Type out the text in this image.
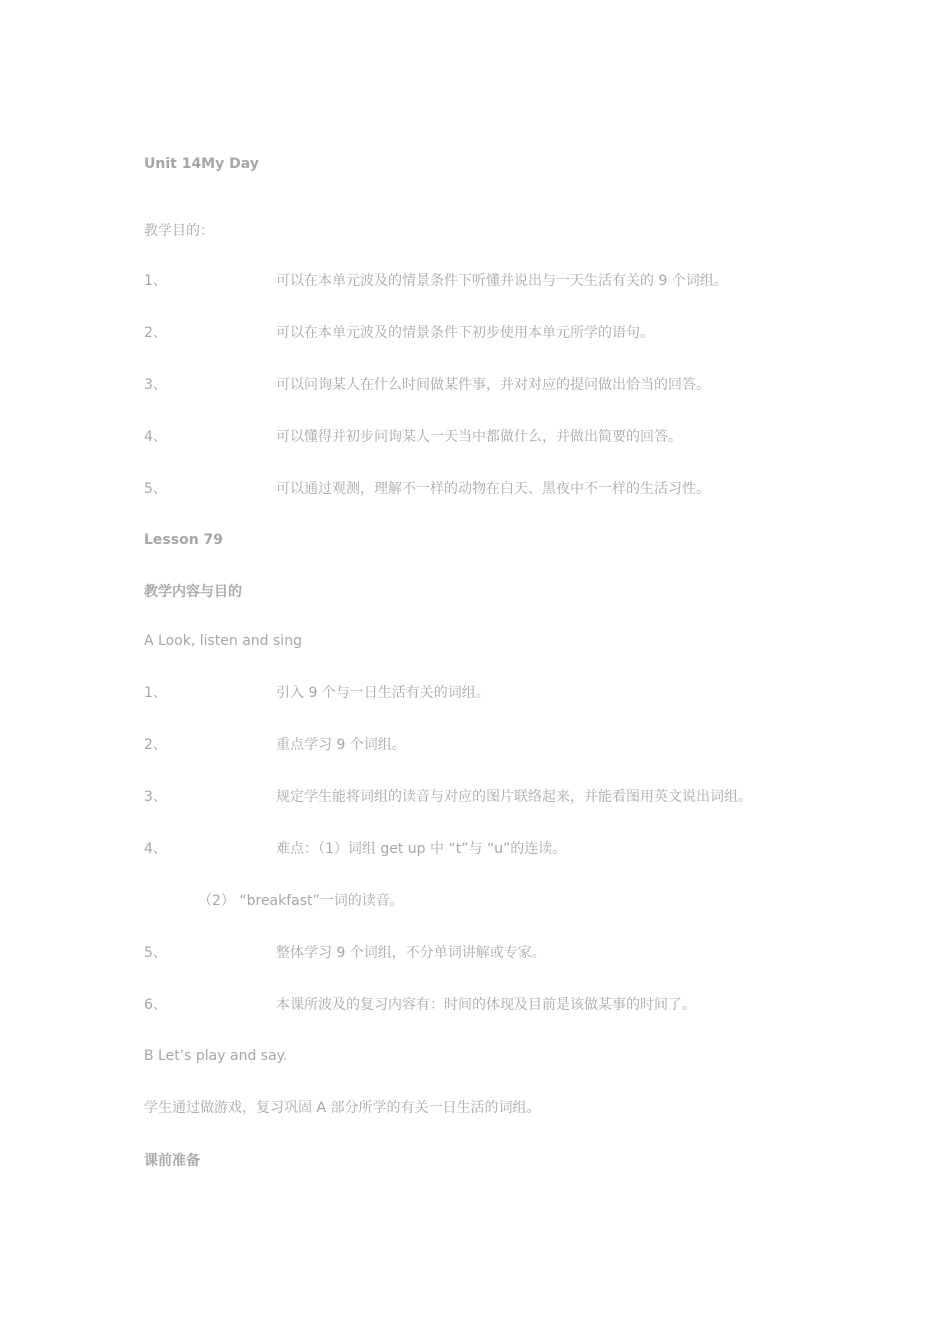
Unit 14My Day
教学目的：
1、	可以在本单元波及的情景条件下听懂并说出与一天生活有关的 9 个词组。
2、	可以在本单元波及的情景条件下初步使用本单元所学的语句。
3、	可以问询某人在什么时间做某件事，并对对应的提问做出恰当的回答。
4、	可以懂得并初步问询某人一天当中都做什么，并做出简要的回答。
5、	可以通过观测，理解不一样的动物在白天、黑夜中不一样的生活习性。
Lesson 79
教学内容与目的
A Look, listen and sing
1、	引入 9 个与一日生活有关的词组。
2、	重点学习 9 个词组。
3、	规定学生能将词组的读音与对应的图片联络起来，并能看图用英文说出词组。
4、	难点：（1）词组 get up 中 “t”与 “u”的连读。
（2） “breakfast”一词的读音。
5、	整体学习 9 个词组，不分单词讲解或专家。
6、	本课所波及的复习内容有：时间的体现及目前是该做某事的时间了。
B Let’s play and say.
学生通过做游戏，复习巩固 A 部分所学的有关一日生活的词组。
课前准备
